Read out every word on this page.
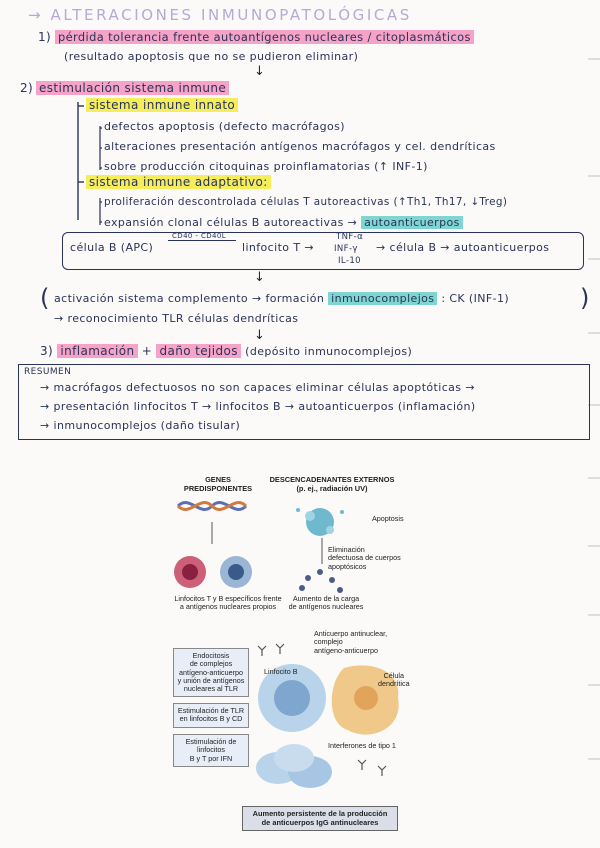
→ ALTERACIONES INMUNOPATOLÓGICAS
1) pérdida tolerancia frente autoantígenos nucleares / citoplasmáticos
(resultado apoptosis que no se pudieron eliminar)
↓
2) estimulación sistema inmune
sistema inmune innato
defectos apoptosis (defecto macrófagos)
alteraciones presentación antígenos macrófagos y cel. dendríticas
sobre producción citoquinas proinflamatorias (↑ INF-1)
sistema inmune adaptativo:
proliferación descontrolada células T autoreactivas (↑Th1, Th17, ↓Treg)
expansión clonal células B autoreactivas → autoanticuerpos
célula B (APC)
CD40 - CD40L
linfocito T →
TNF-α
INF-γ
IL-10
→ célula B → autoanticuerpos
↓
( activación sistema complemento → formación inmunocomplejos : CK (INF-1)	)
→ reconocimiento TLR células dendríticas
↓
3) inflamación + daño tejidos (depósito inmunocomplejos)
RESUMEN
→ macrófagos defectuosos no son capaces eliminar células apoptóticas →
→ presentación linfocitos T → linfocitos B → autoanticuerpos (inflamación)
→ inmunocomplejos (daño tisular)
GENES
PREDISPONENTES
DESCENCADENANTES EXTERNOS
(p. ej., radiación UV)
Apoptosis
Eliminación
defectuosa de cuerpos
apoptósicos
Linfocitos T y B específicos frente
a antígenos nucleares propios
Aumento de la carga
de antígenos nucleares
Anticuerpo antinuclear,
complejo
antígeno-anticuerpo
Endocitosis
de complejos
antígeno-anticuerpo
y unión de antígenos
nucleares al TLR
Estimulación de TLR
en linfocitos B y CD
Estimulación de
linfocitos
B y T por IFN
Linfocito B	Célula
dendrítica
Interferones de tipo 1
Aumento persistente de la producción
de anticuerpos IgG antinucleares
